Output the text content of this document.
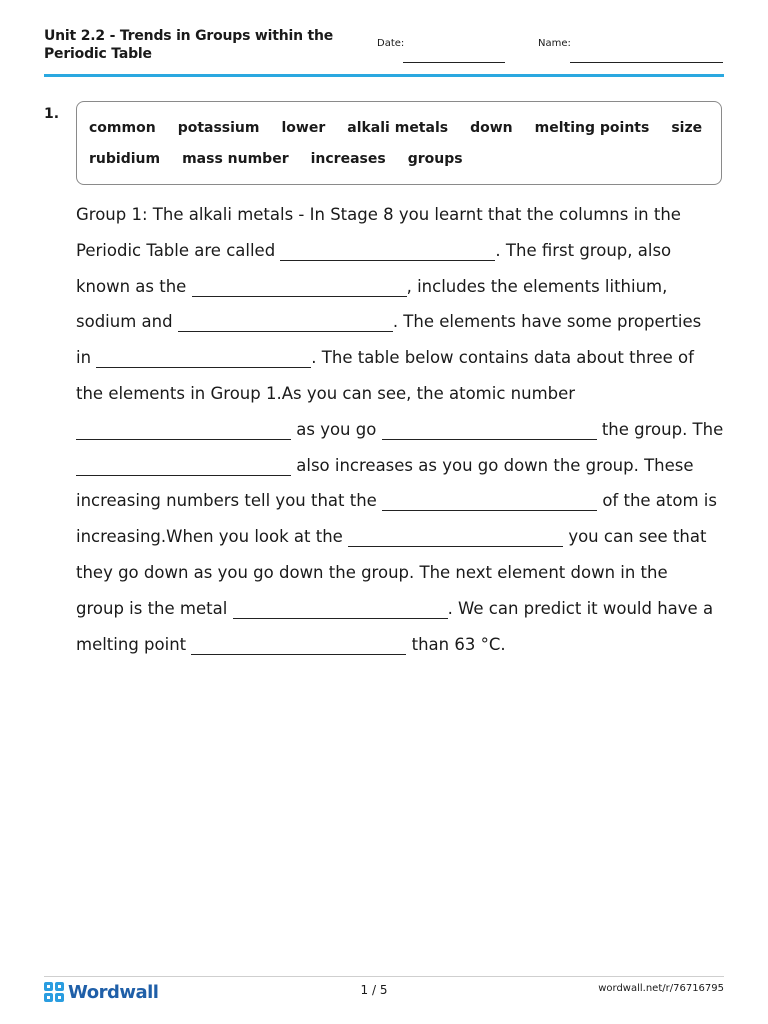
Unit 2.2 - Trends in Groups within the
Periodic Table
Date:	Name:
1.
common potassium lower alkali metals down melting points size
rubidium mass number increases groups
Group 1: The alkali metals - In Stage 8 you learnt that the columns in the
Periodic Table are called	. The first group, also
known as the	, includes the elements lithium,
sodium and	. The elements have some properties
in	. The table below contains data about three of
the elements in Group 1.As you can see, the atomic number
as you go	the group. The
also increases as you go down the group. These
increasing numbers tell you that the	of the atom is
increasing.When you look at the	you can see that
they go down as you go down the group. The next element down in the
group is the metal	. We can predict it would have a
melting point	than 63 °C.
Wordwall	1 / 5	wordwall.net/r/76716795
